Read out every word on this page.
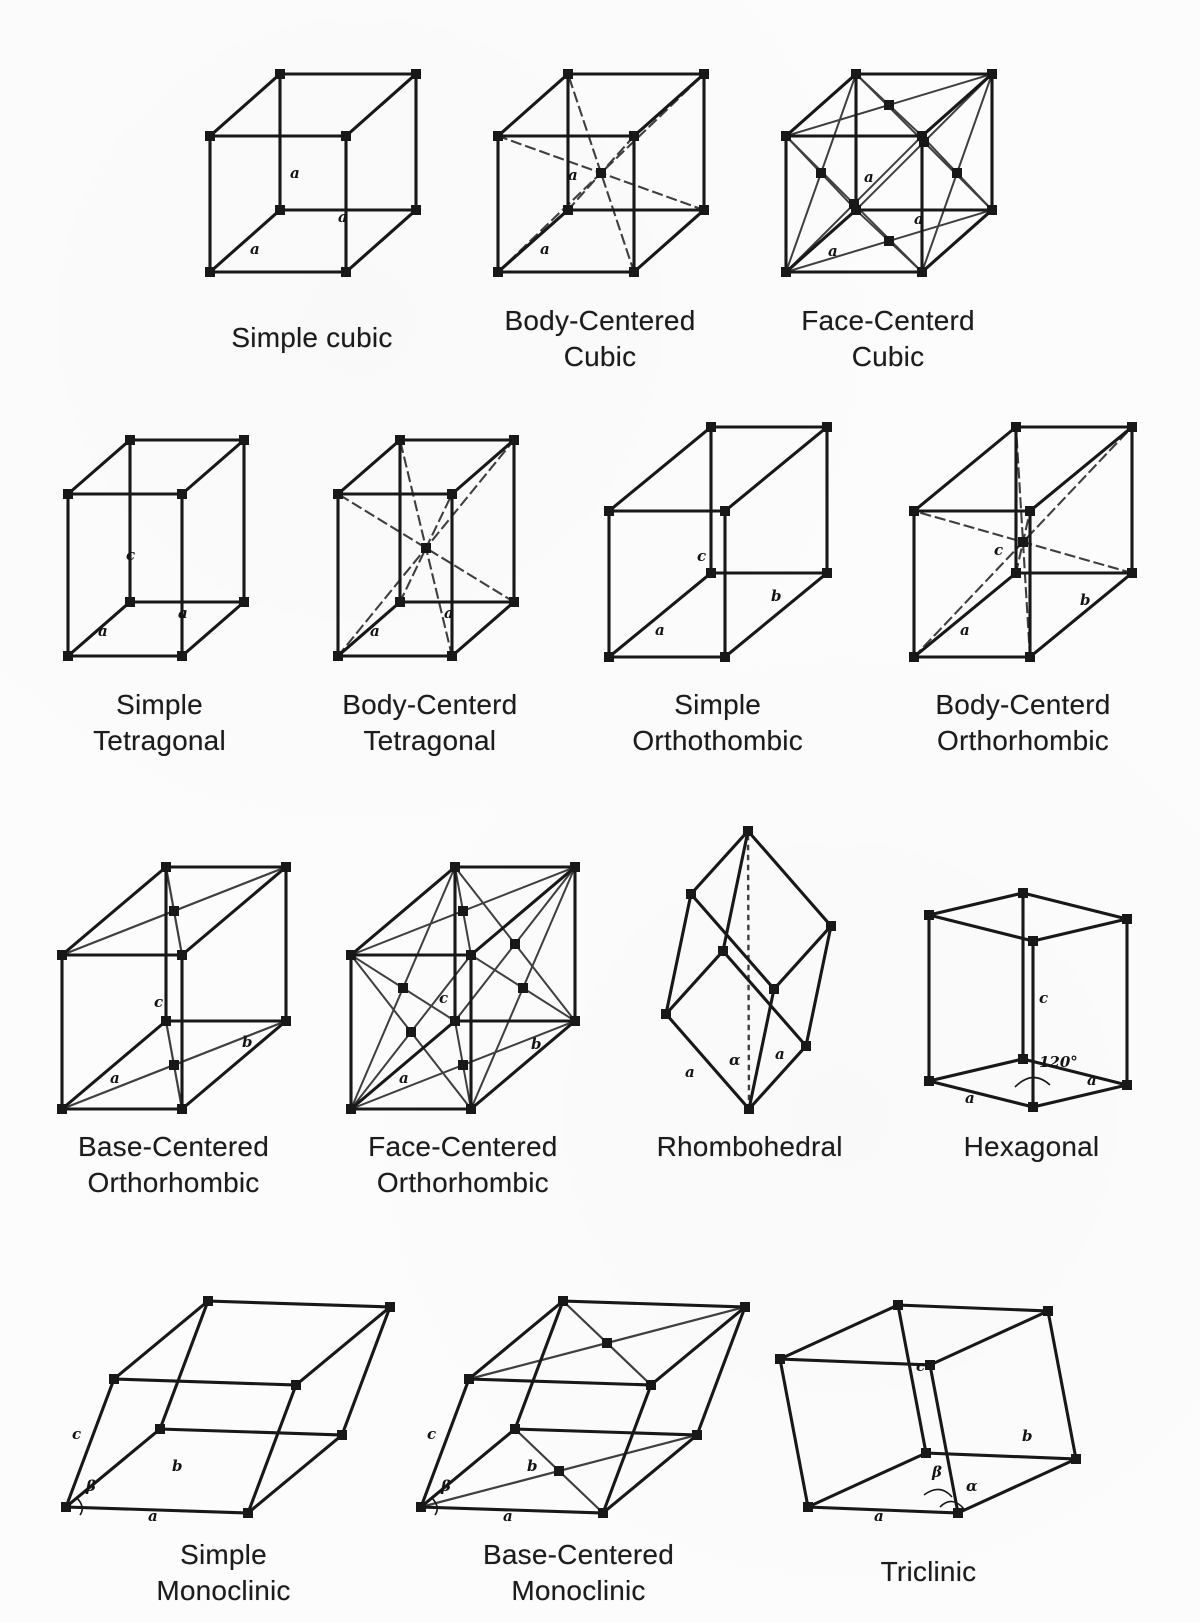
a
a
a
Simple cubic
a
a
Body-Centered
Cubic
a
a
a
Face-Centerd
Cubic
c
a
a
Simple
Tetragonal
c
a
a
Body-Centerd
Tetragonal
c
b
a
Simple
Orthothombic
c
b
a
Body-Centerd
Orthorhombic
c
b
a
Base-Centered
Orthorhombic
c
b
a
Face-Centered
Orthorhombic
a
α a
Rhombohedral
c
120°
a
a
Hexagonal
c
β
a
b
Simple
Monoclinic
c
β
a
b
Base-Centered
Monoclinic
c
b
a
β
α
Triclinic
